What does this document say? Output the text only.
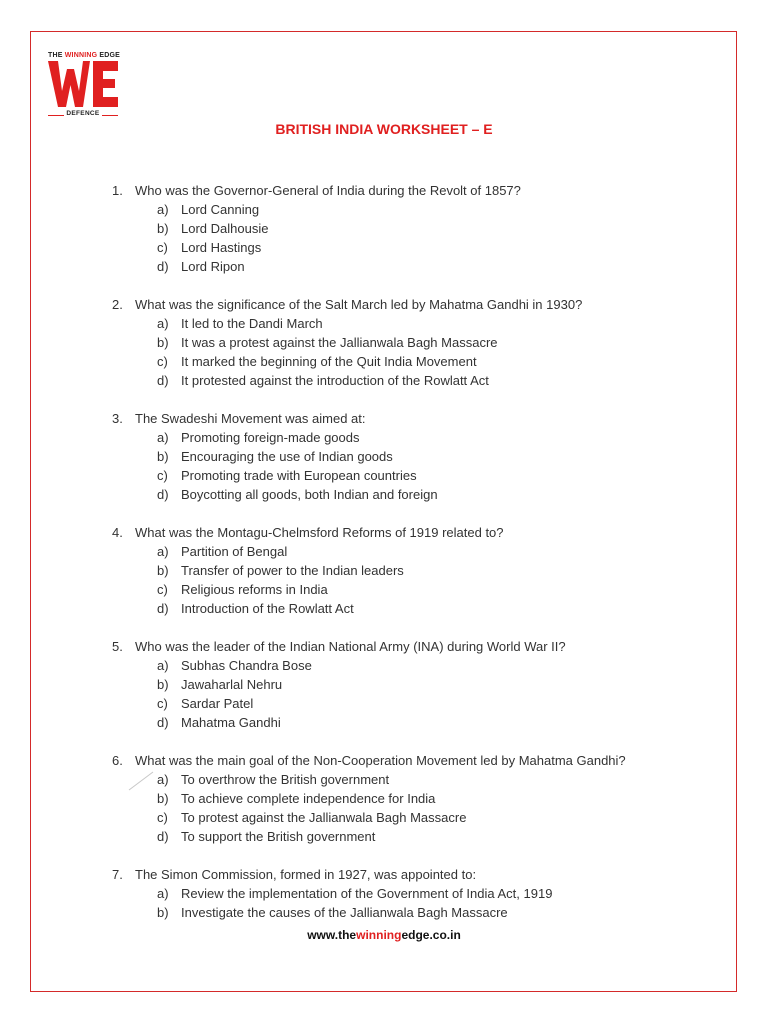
THE WINNING EDGE
DEFENCE
BRITISH INDIA WORKSHEET – E
1. Who was the Governor-General of India during the Revolt of 1857?
a) Lord Canning
b) Lord Dalhousie
c) Lord Hastings
d) Lord Ripon
2. What was the significance of the Salt March led by Mahatma Gandhi in 1930?
a) It led to the Dandi March
b) It was a protest against the Jallianwala Bagh Massacre
c) It marked the beginning of the Quit India Movement
d) It protested against the introduction of the Rowlatt Act
3. The Swadeshi Movement was aimed at:
a) Promoting foreign-made goods
b) Encouraging the use of Indian goods
c) Promoting trade with European countries
d) Boycotting all goods, both Indian and foreign
4. What was the Montagu-Chelmsford Reforms of 1919 related to?
a) Partition of Bengal
b) Transfer of power to the Indian leaders
c) Religious reforms in India
d) Introduction of the Rowlatt Act
5. Who was the leader of the Indian National Army (INA) during World War II?
a) Subhas Chandra Bose
b) Jawaharlal Nehru
c) Sardar Patel
d) Mahatma Gandhi
6. What was the main goal of the Non-Cooperation Movement led by Mahatma Gandhi?
a) To overthrow the British government
b) To achieve complete independence for India
c) To protest against the Jallianwala Bagh Massacre
d) To support the British government
7. The Simon Commission, formed in 1927, was appointed to:
a) Review the implementation of the Government of India Act, 1919
b) Investigate the causes of the Jallianwala Bagh Massacre
www.thewinningedge.co.in
